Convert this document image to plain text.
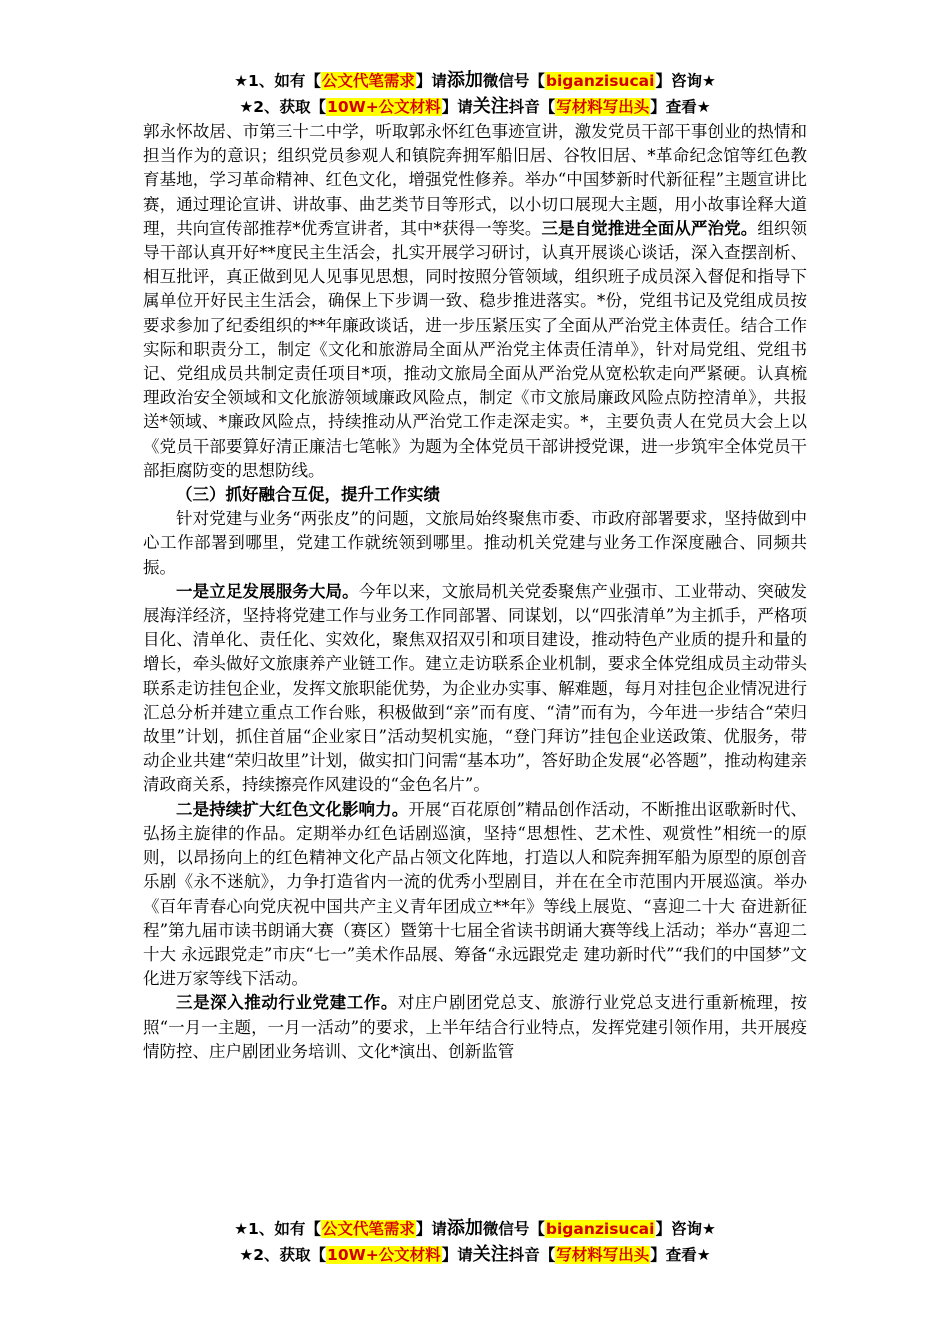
★1、如有【公文代笔需求】请添加微信号【biganzisucai】咨询★
★2、获取【10W+公文材料】请关注抖音【写材料写出头】查看★

郭永怀故居、市第三十二中学，听取郭永怀红色事迹宣讲，激发党员干部干事创业的热情和担当作为的意识；组织党员参观人和镇院奔拥军船旧居、谷牧旧居、*革命纪念馆等红色教育基地，学习革命精神、红色文化，增强党性修养。举办“中国梦新时代新征程”主题宣讲比赛，通过理论宣讲、讲故事、曲艺类节目等形式，以小切口展现大主题，用小故事诠释大道理，共向宣传部推荐*优秀宣讲者，其中*获得一等奖。三是自觉推进全面从严治党。组织领导干部认真开好**度民主生活会，扎实开展学习研讨，认真开展谈心谈话，深入查摆剖析、相互批评，真正做到见人见事见思想，同时按照分管领域，组织班子成员深入督促和指导下属单位开好民主生活会，确保上下步调一致、稳步推进落实。*份，党组书记及党组成员按要求参加了纪委组织的**年廉政谈话，进一步压紧压实了全面从严治党主体责任。结合工作实际和职责分工，制定《文化和旅游局全面从严治党主体责任清单》，针对局党组、党组书记、党组成员共制定责任项目*项，推动文旅局全面从严治党从宽松软走向严紧硬。认真梳理政治安全领域和文化旅游领域廉政风险点，制定《市文旅局廉政风险点防控清单》，共报送*领域、*廉政风险点，持续推动从严治党工作走深走实。*，主要负责人在党员大会上以《党员干部要算好清正廉洁七笔帐》为题为全体党员干部讲授党课，进一步筑牢全体党员干部拒腐防变的思想防线。

（三）抓好融合互促，提升工作实绩

针对党建与业务“两张皮”的问题，文旅局始终聚焦市委、市政府部署要求，坚持做到中心工作部署到哪里，党建工作就统领到哪里。推动机关党建与业务工作深度融合、同频共振。

一是立足发展服务大局。今年以来，文旅局机关党委聚焦产业强市、工业带动、突破发展海洋经济，坚持将党建工作与业务工作同部署、同谋划，以“四张清单”为主抓手，严格项目化、清单化、责任化、实效化，聚焦双招双引和项目建设，推动特色产业质的提升和量的增长，牵头做好文旅康养产业链工作。建立走访联系企业机制，要求全体党组成员主动带头联系走访挂包企业，发挥文旅职能优势，为企业办实事、解难题，每月对挂包企业情况进行汇总分析并建立重点工作台账，积极做到“亲”而有度、“清”而有为，今年进一步结合“荣归故里”计划，抓住首届“企业家日”活动契机实施，“登门拜访”挂包企业送政策、优服务，带动企业共建“荣归故里”计划，做实扣门问需“基本功”，答好助企发展“必答题”，推动构建亲清政商关系，持续擦亮作风建设的“金色名片”。

二是持续扩大红色文化影响力。开展“百花原创”精品创作活动，不断推出讴歌新时代、弘扬主旋律的作品。定期举办红色话剧巡演，坚持“思想性、艺术性、观赏性”相统一的原则，以昂扬向上的红色精神文化产品占领文化阵地，打造以人和院奔拥军船为原型的原创音乐剧《永不迷航》，力争打造省内一流的优秀小型剧目，并在在全市范围内开展巡演。举办《百年青春心向党庆祝中国共产主义青年团成立**年》等线上展览、“喜迎二十大 奋进新征程”第九届市读书朗诵大赛（赛区）暨第十七届全省读书朗诵大赛等线上活动；举办“喜迎二十大 永远跟党走”市庆“七一”美术作品展、筹备“永远跟党走 建功新时代”“我们的中国梦”文化进万家等线下活动。

三是深入推动行业党建工作。对庄户剧团党总支、旅游行业党总支进行重新梳理，按照“一月一主题，一月一活动”的要求，上半年结合行业特点，发挥党建引领作用，共开展疫情防控、庄户剧团业务培训、文化*演出、创新监管

★1、如有【公文代笔需求】请添加微信号【biganzisucai】咨询★
★2、获取【10W+公文材料】请关注抖音【写材料写出头】查看★
